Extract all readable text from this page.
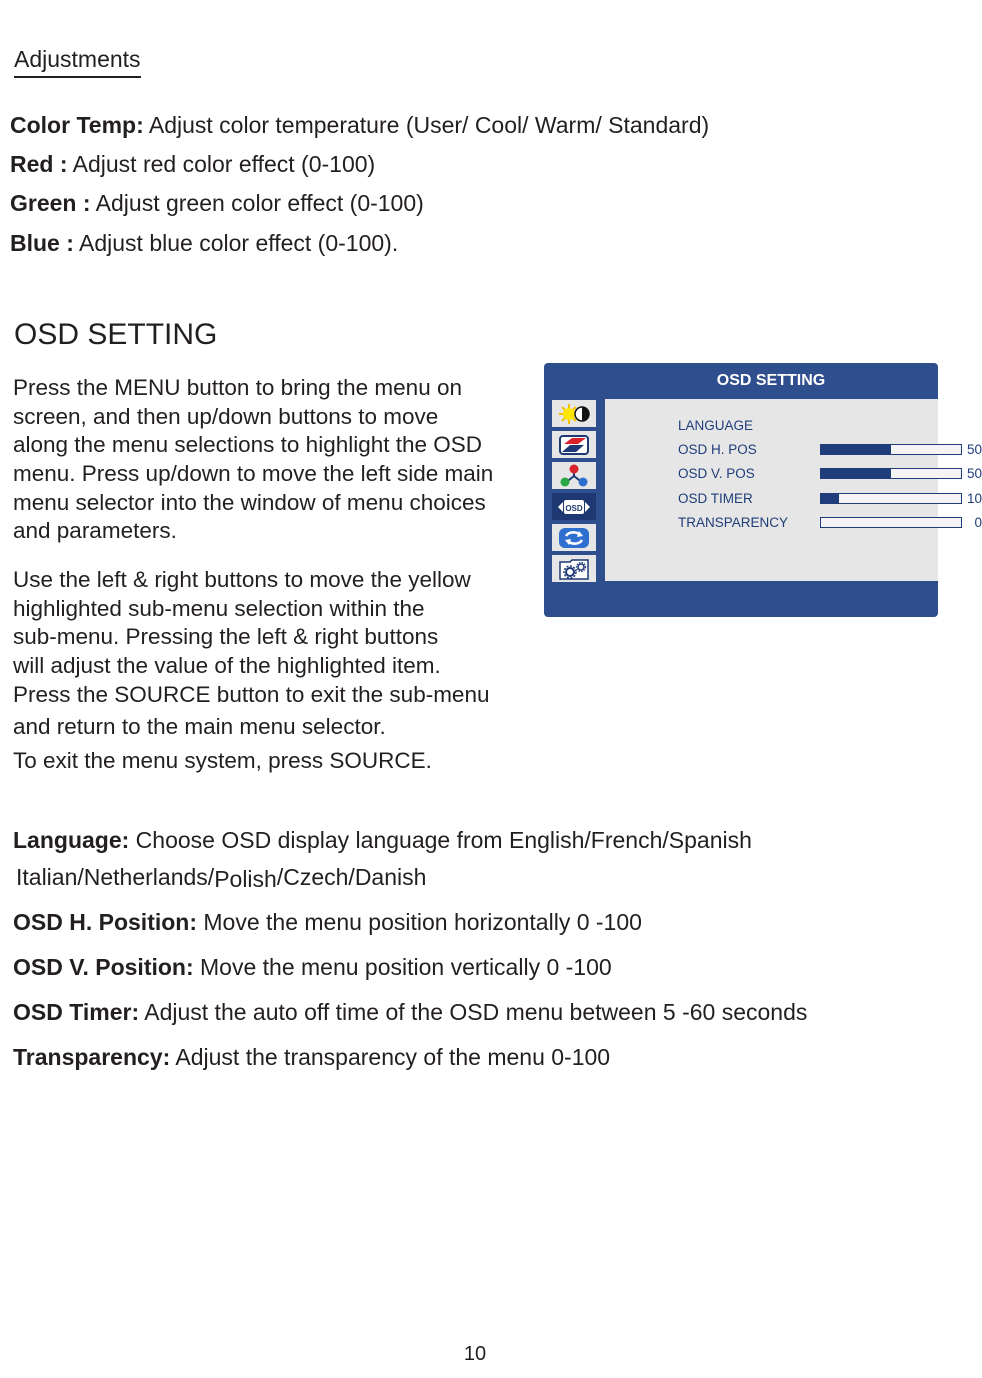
Adjustments
Color Temp: Adjust color temperature (User/ Cool/ Warm/ Standard)
Red : Adjust red color effect (0-100)
Green : Adjust green color effect (0-100)
Blue : Adjust blue color effect (0-100).
OSD SETTING
Press the MENU button to bring the menu on
screen, and then up/down buttons to move
along the menu selections to highlight the OSD
menu. Press up/down to move the left side main
menu selector into the window of menu choices
and parameters.
Use the left & right buttons to move the yellow
highlighted sub-menu selection within the
sub-menu. Pressing the left & right buttons
will adjust the value of the highlighted item.
Press the SOURCE button to exit the sub-menu
and return to the main menu selector.
To exit the menu system, press SOURCE.
OSD SETTING
OSD
LANGUAGE
OSD H. POS	50
OSD V. POS	50
OSD TIMER	10
TRANSPARENCY	0
Language: Choose OSD display language from English/French/Spanish
Italian/Netherlands/Polish/Czech/Danish
OSD H. Position: Move the menu position horizontally 0 -100
OSD V. Position: Move the menu position vertically 0 -100
OSD Timer: Adjust the auto off time of the OSD menu between 5 -60 seconds
Transparency: Adjust the transparency of the menu 0-100
10
